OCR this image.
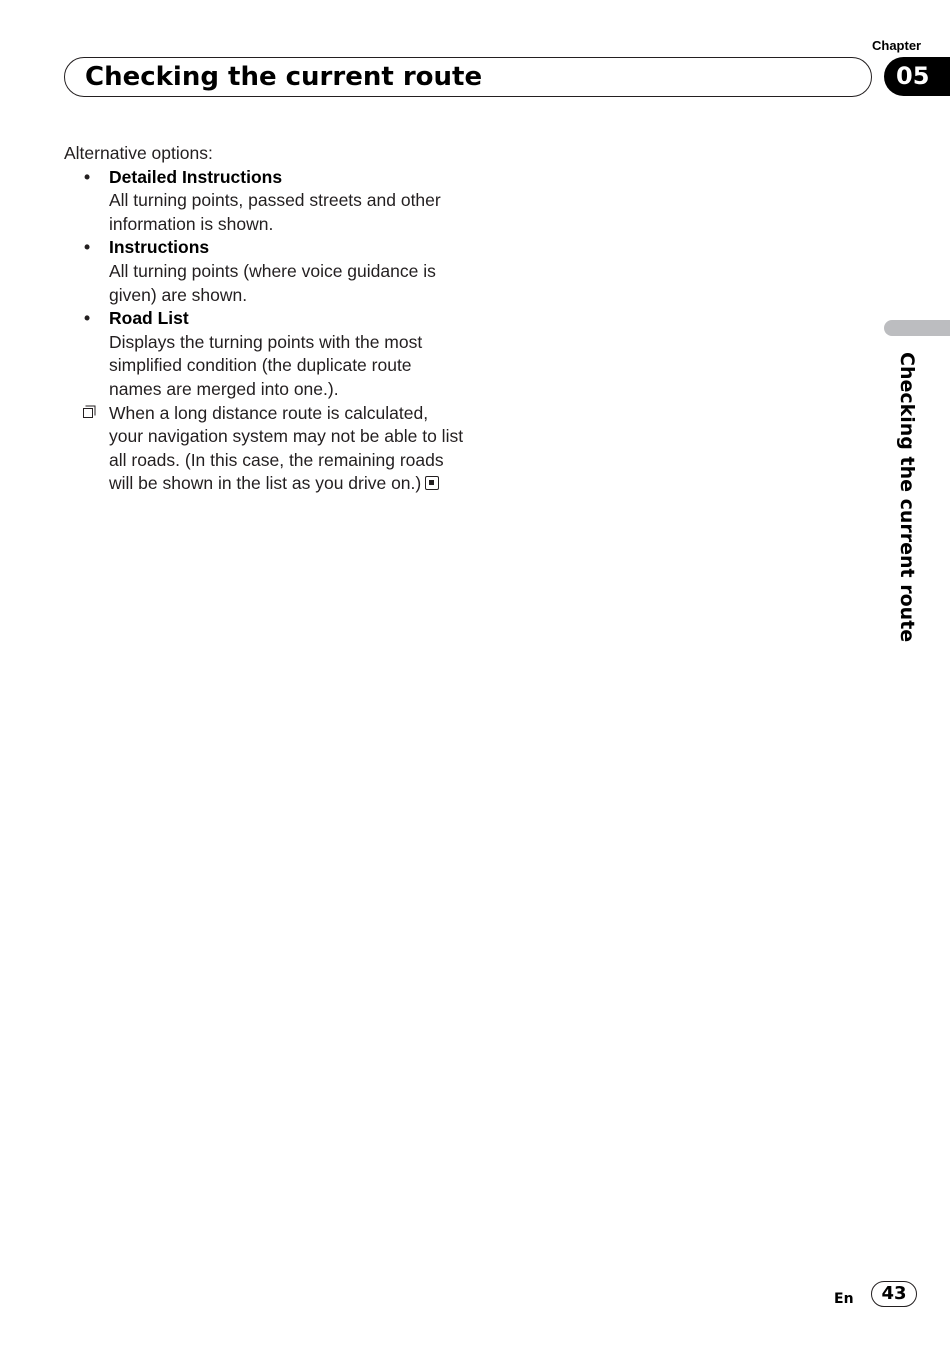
Chapter
05
Checking the current route
Checking the current route

Alternative options:

• Detailed Instructions
All turning points, passed streets and other information is shown.
• Instructions
All turning points (where voice guidance is given) are shown.
• Road List
Displays the turning points with the most simplified condition (the duplicate route names are merged into one.).

When a long distance route is calculated, your navigation system may not be able to list all roads. (In this case, the remaining roads will be shown in the list as you drive on.)

En	43
